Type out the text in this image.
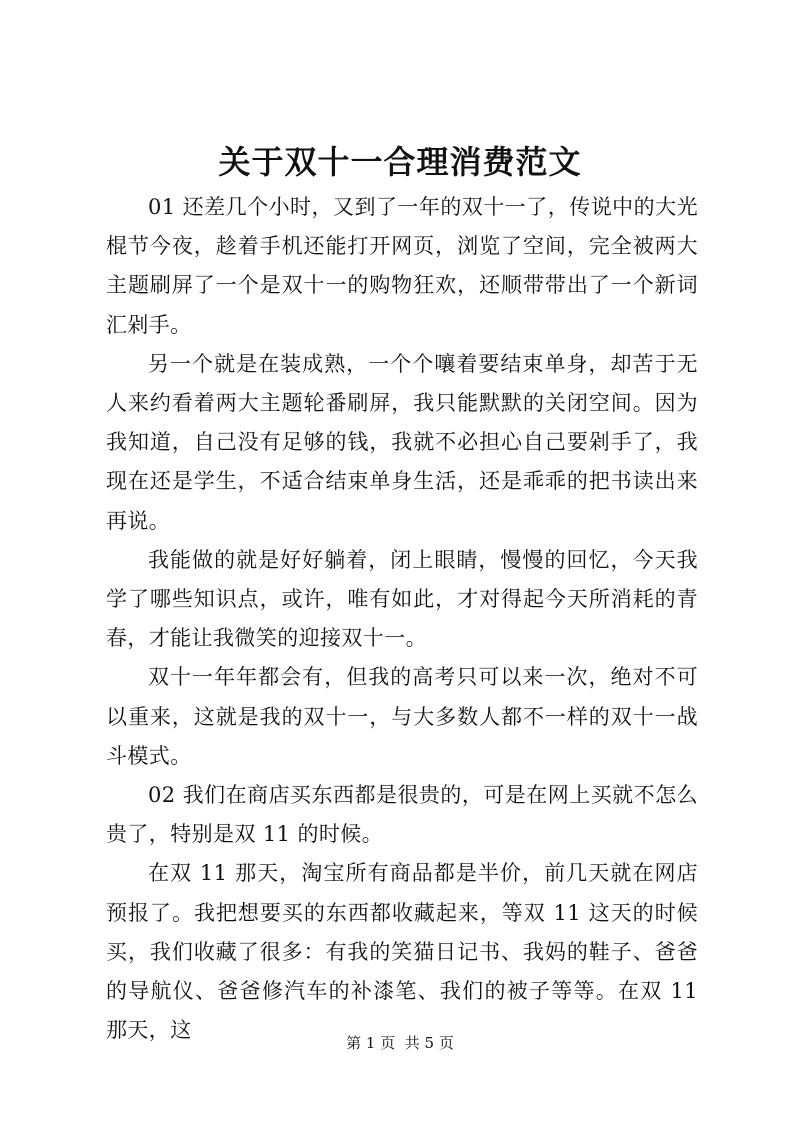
关于双十一合理消费范文

01 还差几个小时，又到了一年的双十一了，传说中的大光棍节今夜，趁着手机还能打开网页，浏览了空间，完全被两大主题刷屏了一个是双十一的购物狂欢，还顺带带出了一个新词汇剁手。

另一个就是在装成熟，一个个嚷着要结束单身，却苦于无人来约看着两大主题轮番刷屏，我只能默默的关闭空间。因为我知道，自己没有足够的钱，我就不必担心自己要剁手了，我现在还是学生，不适合结束单身生活，还是乖乖的把书读出来再说。

我能做的就是好好躺着，闭上眼睛，慢慢的回忆，今天我学了哪些知识点，或许，唯有如此，才对得起今天所消耗的青春，才能让我微笑的迎接双十一。

双十一年年都会有，但我的高考只可以来一次，绝对不可以重来，这就是我的双十一，与大多数人都不一样的双十一战斗模式。

02 我们在商店买东西都是很贵的，可是在网上买就不怎么贵了，特别是双 11 的时候。

在双 11 那天，淘宝所有商品都是半价，前几天就在网店预报了。我把想要买的东西都收藏起来，等双 11 这天的时候买，我们收藏了很多：有我的笑猫日记书、我妈的鞋子、爸爸的导航仪、爸爸修汽车的补漆笔、我们的被子等等。在双 11 那天，这

第 1 页 共 5 页
